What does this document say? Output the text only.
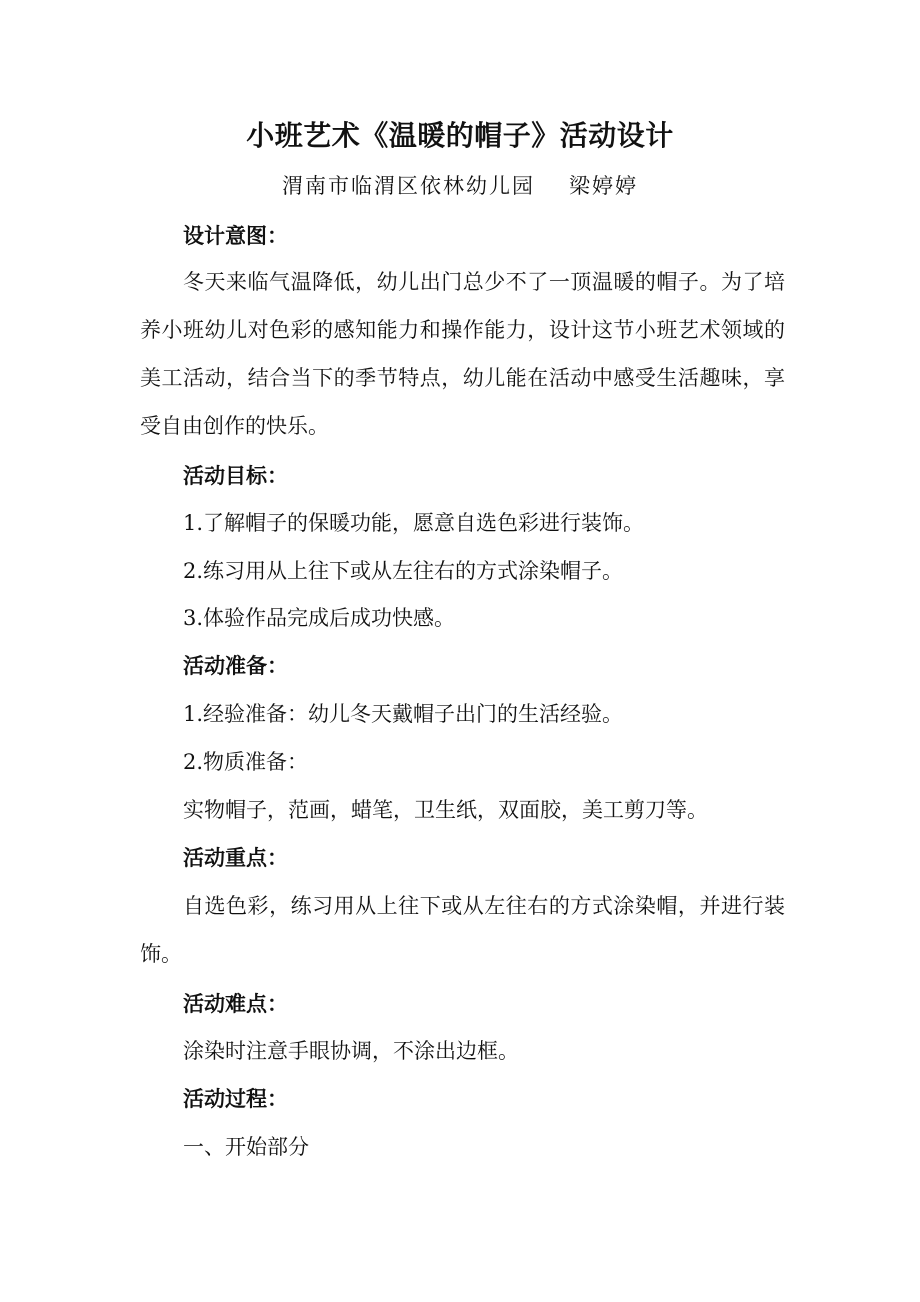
小班艺术《温暖的帽子》活动设计
渭南市临渭区依林幼儿园 梁婷婷
设计意图：

冬天来临气温降低，幼儿出门总少不了一顶温暖的帽子。为了培养小班幼儿对色彩的感知能力和操作能力，设计这节小班艺术领域的美工活动，结合当下的季节特点，幼儿能在活动中感受生活趣味，享受自由创作的快乐。

活动目标：
1.了解帽子的保暖功能，愿意自选色彩进行装饰。
2.练习用从上往下或从左往右的方式涂染帽子。
3.体验作品完成后成功快感。
活动准备：
1.经验准备：幼儿冬天戴帽子出门的生活经验。
2.物质准备：
实物帽子，范画，蜡笔，卫生纸，双面胶，美工剪刀等。
活动重点：

自选色彩，练习用从上往下或从左往右的方式涂染帽，并进行装饰。

活动难点：
涂染时注意手眼协调，不涂出边框。
活动过程：
一、开始部分
